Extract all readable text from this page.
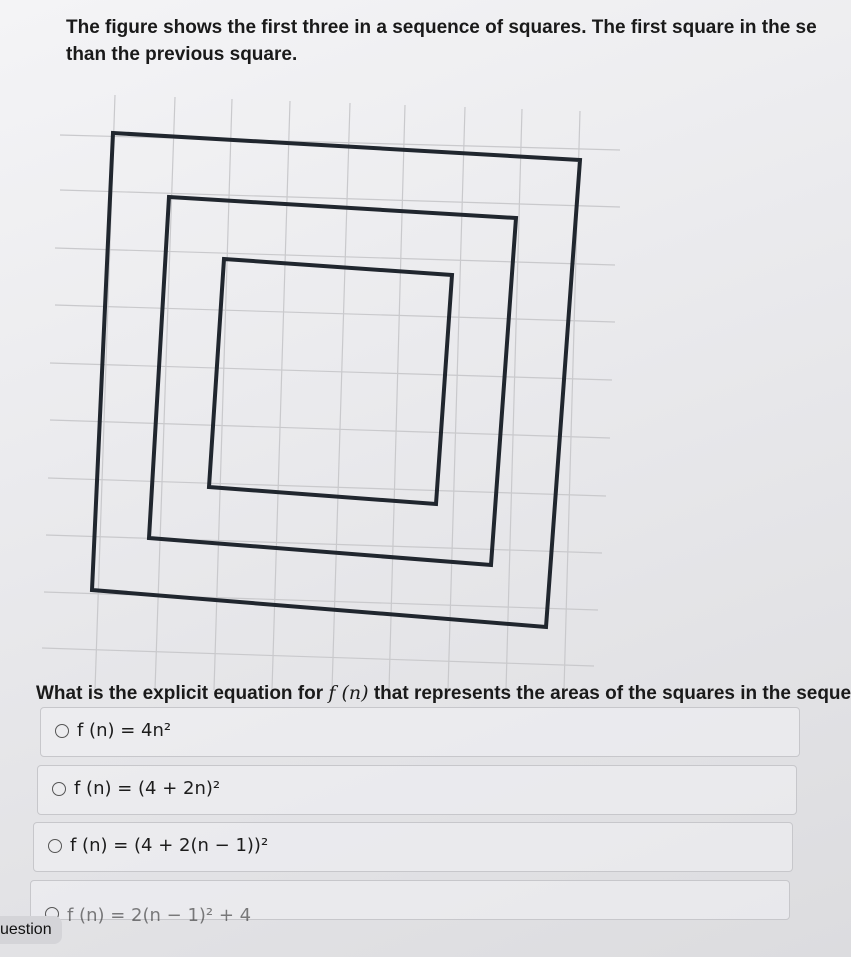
The figure shows the first three in a sequence of squares. The first square in the se
than the previous square.
What is the explicit equation for f (n) that represents the areas of the squares in the seque
f (n) = 4n²
f (n) = (4 + 2n)²
f (n) = (4 + 2(n − 1))²
f (n) = 2(n − 1)² + 4
uestion
